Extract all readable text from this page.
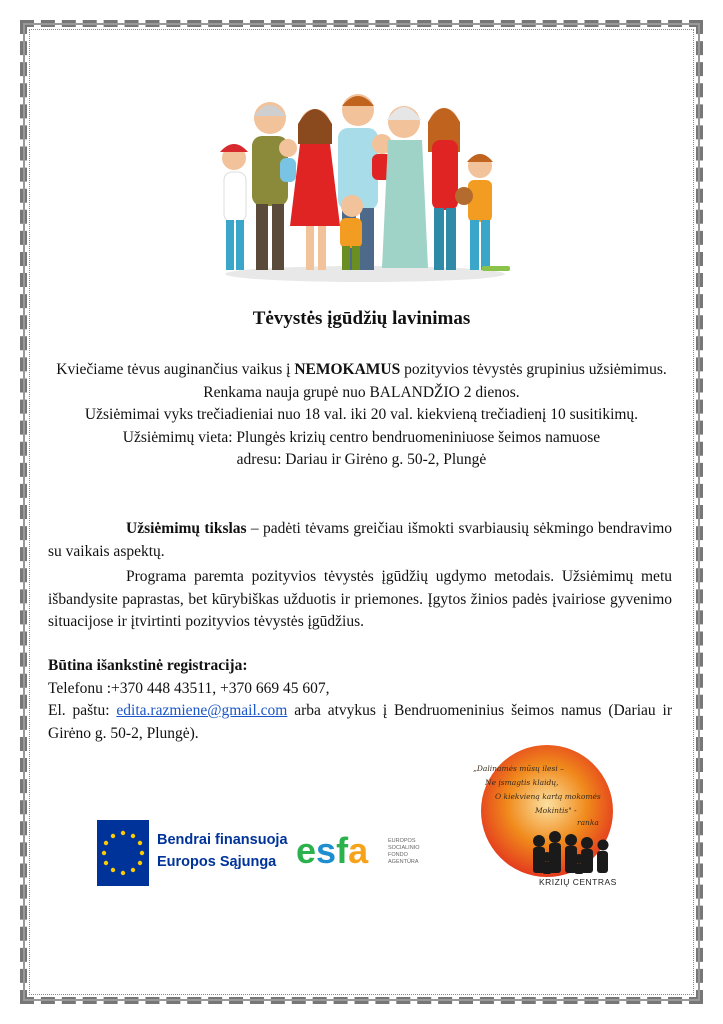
Tėvystės įgūdžių lavinimas

Kviečiame tėvus auginančius vaikus į NEMOKAMUS pozityvios tėvystės grupinius užsiėmimus.

Renkama nauja grupė nuo BALANDŽIO 2 dienos.

Užsiėmimai vyks trečiadieniai nuo 18 val. iki 20 val. kiekvieną trečiadienį 10 susitikimų.

Užsiėmimų vieta: Plungės krizių centro bendruomeniniuose šeimos namuose

adresu: Dariau ir Girėno g. 50-2, Plungė

Užsiėmimų tikslas – padėti tėvams greičiau išmokti svarbiausių sėkmingo bendravimo su vaikais aspektų.

Programa paremta pozityvios tėvystės įgūdžių ugdymo metodais. Užsiėmimų metu išbandysite paprastas, bet kūrybiškas užduotis ir priemones. Įgytos žinios padės įvairiose gyvenimo situacijose ir įtvirtinti pozityvios tėvystės įgūdžius.

Būtina išankstinė registracija:

Telefonu :+370 448 43511, +370 669 45 607,

El. paštu: edita.razmiene@gmail.com arba atvykus į Bendruomeninius šeimos namus (Dariau ir Girėno g. 50-2, Plungė).

Bendrai finansuoja
Europos Sąjunga esfa	EUROPOS
SOCIALINIO
FONDO
AGENTŪRA
„Dalinamės mūsų ilesi –
Ne įsmagtis klaidų,
O kiekvieną kartą mokomės
Mokintis" -
ranka
KRIZIŲ CENTRAS
